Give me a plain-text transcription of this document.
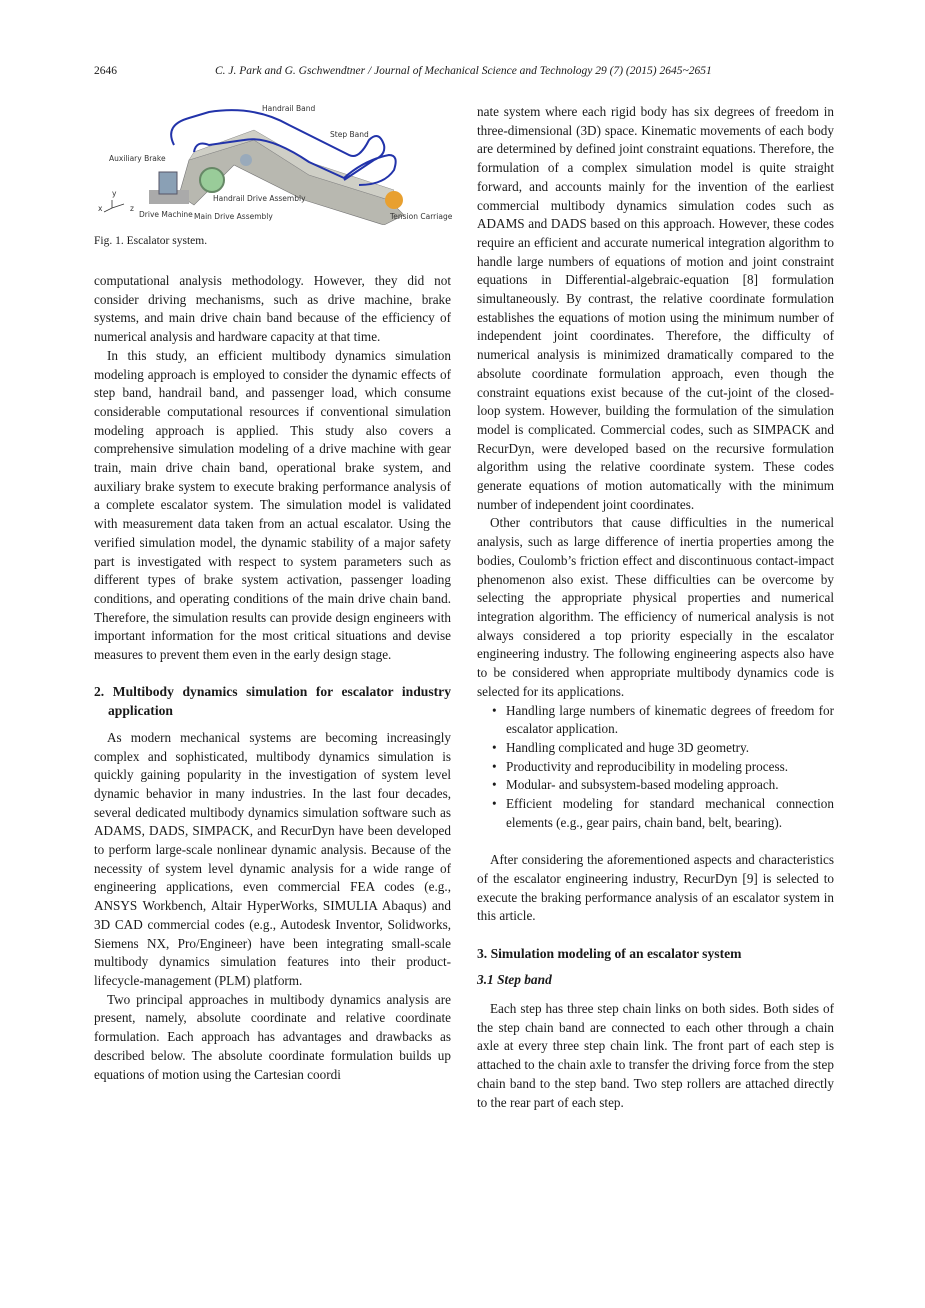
2646	C. J. Park and G. Gschwendtner / Journal of Mechanical Science and Technology 29 (7) (2015) 2645~2651
Handrail Band
Step Band
Auxiliary Brake
Handrail Drive Assembly
Drive Machine Main Drive Assembly	Tension Carriage
y
x	z
Fig. 1. Escalator system.

computational analysis methodology. However, they did not consider driving mechanisms, such as drive machine, brake systems, and main drive chain band because of the efficiency of numerical analysis and hardware capacity at that time.

In this study, an efficient multibody dynamics simulation modeling approach is employed to consider the dynamic effects of step band, handrail band, and passenger load, which consume considerable computational resources if conventional simulation modeling approach is applied. This study also covers a comprehensive simulation modeling of a drive machine with gear train, main drive chain band, operational brake system, and auxiliary brake system to execute braking performance analysis of a complete escalator system. The simulation model is validated with measurement data taken from an actual escalator. Using the verified simulation model, the dynamic stability of a major safety part is investigated with respect to system parameters such as different types of brake system activation, passenger loading conditions, and operating conditions of the main drive chain band. Therefore, the simulation results can provide design engineers with important information for the most critical situations and devise measures to prevent them even in the early design stage.

2. Multibody dynamics simulation for escalator industry application

As modern mechanical systems are becoming increasingly complex and sophisticated, multibody dynamics simulation is quickly gaining popularity in the investigation of system level dynamic behavior in many industries. In the last four decades, several dedicated multibody dynamics simulation software such as ADAMS, DADS, SIMPACK, and RecurDyn have been developed to perform large-scale nonlinear dynamic analysis. Because of the necessity of system level dynamic analysis for a wide range of engineering applications, even commercial FEA codes (e.g., ANSYS Workbench, Altair HyperWorks, SIMULIA Abaqus) and 3D CAD commercial codes (e.g., Autodesk Inventor, Solidworks, Siemens NX, Pro/Engineer) have been integrating small-scale multibody dynamics simulation features into their product-lifecycle-management (PLM) platform.

Two principal approaches in multibody dynamics analysis are present, namely, absolute coordinate and relative coordinate formulation. Each approach has advantages and drawbacks as described below. The absolute coordinate formulation builds up equations of motion using the Cartesian coordi

nate system where each rigid body has six degrees of freedom in three-dimensional (3D) space. Kinematic movements of each body are determined by defined joint constraint equations. Therefore, the formulation of a complex simulation model is quite straight forward, and accounts mainly for the invention of the earliest commercial multibody dynamics simulation codes such as ADAMS and DADS based on this approach. However, these codes require an efficient and accurate numerical integration algorithm to handle large numbers of equations of motion and joint constraint equations in Differential-algebraic-equation [8] formulation simultaneously. By contrast, the relative coordinate formulation establishes the equations of motion using the minimum number of independent joint coordinates. Therefore, the difficulty of numerical analysis is minimized dramatically compared to the absolute coordinate formulation approach, even though the constraint equations exist because of the cut-joint of the closed-loop system. However, building the formulation of the simulation model is complicated. Commercial codes, such as SIMPACK and RecurDyn, were developed based on the recursive formulation algorithm using the relative coordinate system. These codes generate equations of motion automatically with the minimum number of independent joint coordinates.

Other contributors that cause difficulties in the numerical analysis, such as large difference of inertia properties among the bodies, Coulomb’s friction effect and discontinuous contact-impact phenomenon also exist. These difficulties can be overcome by selecting the appropriate physical properties and numerical integration algorithm. The efficiency of numerical analysis is not always considered a top priority especially in the escalator engineering industry. The following engineering aspects also have to be considered when appropriate multibody dynamics code is selected for its applications.

• Handling large numbers of kinematic degrees of freedom for escalator application.
• Handling complicated and huge 3D geometry.
• Productivity and reproducibility in modeling process.
• Modular- and subsystem-based modeling approach.
• Efficient modeling for standard mechanical connection elements (e.g., gear pairs, chain band, belt, bearing).

After considering the aforementioned aspects and characteristics of the escalator engineering industry, RecurDyn [9] is selected to execute the braking performance analysis of an escalator system in this article.

3. Simulation modeling of an escalator system
3.1 Step band

Each step has three step chain links on both sides. Both sides of the step chain band are connected to each other through a chain axle at every three step chain link. The front part of each step is attached to the chain axle to transfer the driving force from the step chain band to the step band. Two step rollers are attached directly to the rear part of each step.
